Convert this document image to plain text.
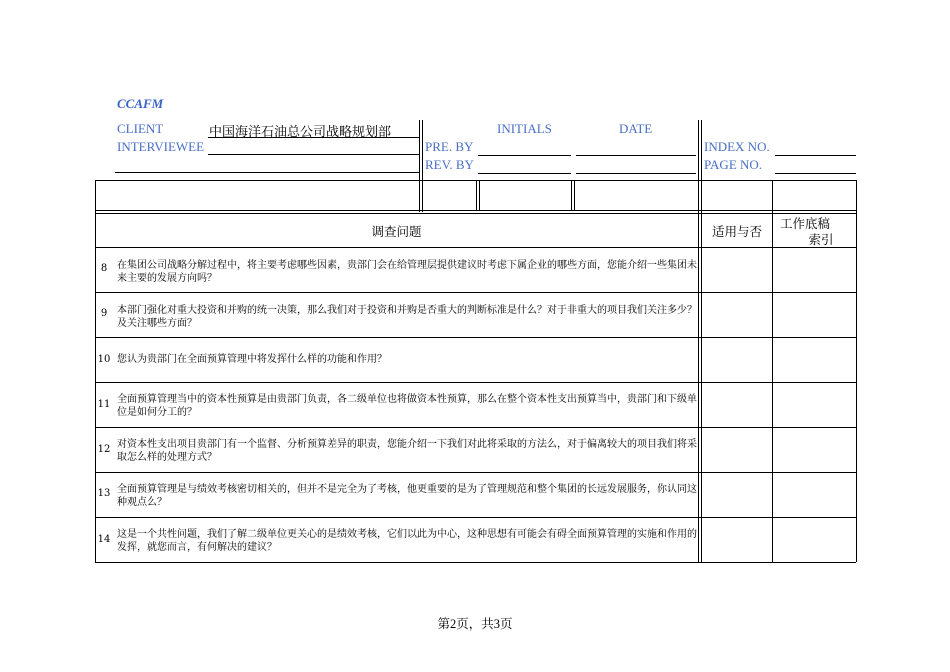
CCAFM
CLIENT	中国海洋石油总公司战略规划部
INTERVIEWEE	PRE. BY
REV. BY
INITIALS	DATE
INDEX NO.
PAGE NO.
调查问题	适用与否
工作底稿
索引
8 在集团公司战略分解过程中，将主要考虑哪些因素，贵部门会在给管理层提供建议时考虑下属企业的哪些方面，您能介绍一些集团未来主要的发展方向吗？
9 本部门强化对重大投资和并购的统一决策，那么我们对于投资和并购是否重大的判断标准是什么？对于非重大的项目我们关注多少？及关注哪些方面？
10 您认为贵部门在全面预算管理中将发挥什么样的功能和作用？
11 全面预算管理当中的资本性预算是由贵部门负责，各二级单位也将做资本性预算，那么在整个资本性支出预算当中，贵部门和下级单位是如何分工的？
12 对资本性支出项目贵部门有一个监督、分析预算差异的职责，您能介绍一下我们对此将采取的方法么，对于偏离较大的项目我们将采取怎么样的处理方式？
13 全面预算管理是与绩效考核密切相关的，但并不是完全为了考核，他更重要的是为了管理规范和整个集团的长远发展服务，你认同这种观点么？
14 这是一个共性问题，我们了解二级单位更关心的是绩效考核，它们以此为中心，这种思想有可能会有碍全面预算管理的实施和作用的发挥，就您而言，有何解决的建议？
第2页，共3页
